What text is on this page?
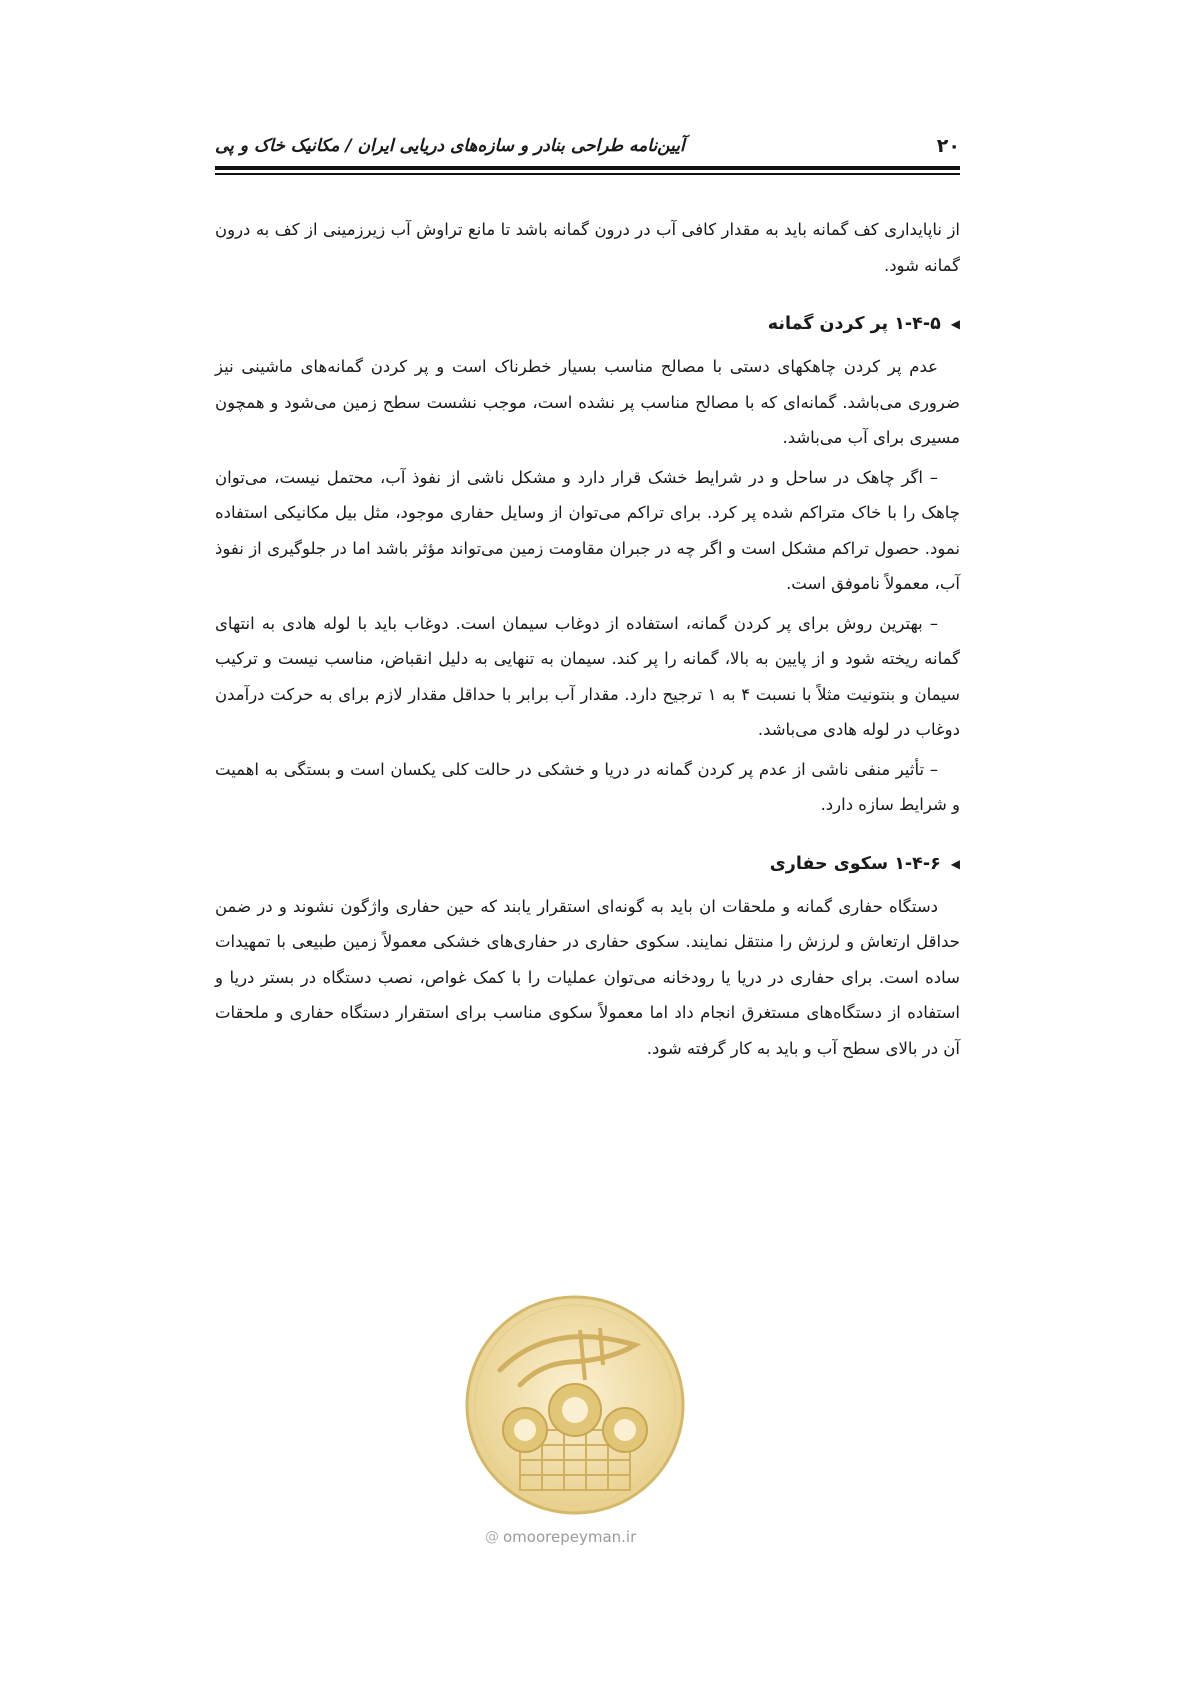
۲۰
آیین‌نامه طراحی بنادر و سازه‌های دریایی ایران / مکانیک خاک و پی

از ناپایداری کف گمانه باید به مقدار کافی آب در درون گمانه باشد تا مانع تراوش آب زیرزمینی از کف به درون گمانه شود.

◀
۱-۴-۵ پر کردن گمانه

عدم پر کردن چاهکهای دستی با مصالح مناسب بسیار خطرناک است و پر کردن گمانه‌های ماشینی نیز ضروری می‌باشد. گمانه‌ای که با مصالح مناسب پر نشده است، موجب نشست سطح زمین می‌شود و همچون مسیری برای آب می‌باشد.

– اگر چاهک در ساحل و در شرایط خشک قرار دارد و مشکل ناشی از نفوذ آب، محتمل نیست، می‌توان چاهک را با خاک متراکم شده پر کرد. برای تراکم می‌توان از وسایل حفاری موجود، مثل بیل مکانیکی استفاده نمود. حصول تراکم مشکل است و اگر چه در جبران مقاومت زمین می‌تواند مؤثر باشد اما در جلوگیری از نفوذ آب، معمولاً ناموفق است.

– بهترین روش برای پر کردن گمانه، استفاده از دوغاب سیمان است. دوغاب باید با لوله هادی به انتهای گمانه ریخته شود و از پایین به بالا، گمانه را پر کند. سیمان به تنهایی به دلیل انقباض، مناسب نیست و ترکیب سیمان و بنتونیت مثلاً با نسبت ۴ به ۱ ترجیح دارد. مقدار آب برابر با حداقل مقدار لازم برای به حرکت درآمدن دوغاب در لوله هادی می‌باشد.

– تأثیر منفی ناشی از عدم پر کردن گمانه در دریا و خشکی در حالت کلی یکسان است و بستگی به اهمیت و شرایط سازه دارد.

◀
۱-۴-۶ سکوی حفاری

دستگاه حفاری گمانه و ملحقات ان باید به گونه‌ای استقرار یابند که حین حفاری واژگون نشوند و در ضمن حداقل ارتعاش و لرزش را منتقل نمایند. سکوی حفاری در حفاری‌های خشکی معمولاً زمین طبیعی با تمهیدات ساده است. برای حفاری در دریا یا رودخانه می‌توان عملیات را با کمک غواص، نصب دستگاه در بستر دریا و استفاده از دستگاه‌های مستغرق انجام داد اما معمولاً سکوی مناسب برای استقرار دستگاه حفاری و ملحقات آن در بالای سطح آب و باید به کار گرفته شود.

@ omoorepeyman.ir
